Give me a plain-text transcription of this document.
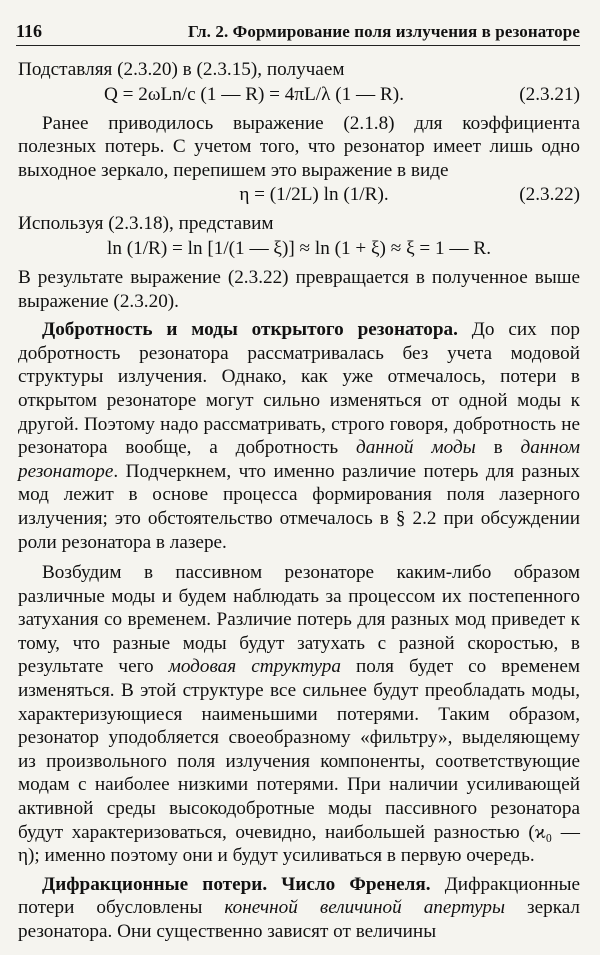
116	Гл. 2. Формирование поля излучения в резонаторе

Подставляя (2.3.20) в (2.3.15), получаем

Q = 2ωLn/c (1 — R) = 4πL/λ (1 — R).	(2.3.21)

Ранее приводилось выражение (2.1.8) для коэффициента полезных потерь. С учетом того, что резонатор имеет лишь одно выходное зеркало, перепишем это выражение в виде

η = (1/2L) ln (1/R).	(2.3.22)

Используя (2.3.18), представим

ln (1/R) = ln [1/(1 — ξ)] ≈ ln (1 + ξ) ≈ ξ = 1 — R.

В результате выражение (2.3.22) превращается в полученное выше выражение (2.3.20).

Добротность и моды открытого резонатора. До сих пор добротность резонатора рассматривалась без учета модовой структуры излучения. Однако, как уже отмечалось, потери в открытом резонаторе могут сильно изменяться от одной моды к другой. Поэтому надо рассматривать, строго говоря, добротность не резонатора вообще, а добротность данной моды в данном резонаторе. Подчеркнем, что именно различие потерь для разных мод лежит в основе процесса формирования поля лазерного излучения; это обстоятельство отмечалось в § 2.2 при обсуждении роли резонатора в лазере.

Возбудим в пассивном резонаторе каким-либо образом различные моды и будем наблюдать за процессом их постепенного затухания со временем. Различие потерь для разных мод приведет к тому, что разные моды будут затухать с разной скоростью, в результате чего модовая структура поля будет со временем изменяться. В этой структуре все сильнее будут преобладать моды, характеризующиеся наименьшими потерями. Таким образом, резонатор уподобляется своеобразному «фильтру», выделяющему из произвольного поля излучения компоненты, соответствующие модам с наиболее низкими потерями. При наличии усиливающей активной среды высокодобротные моды пассивного резонатора будут характеризоваться, очевидно, наибольшей разностью (ϰ₀ — η); именно поэтому они и будут усиливаться в первую очередь.

Дифракционные потери. Число Френеля. Дифракционные потери обусловлены конечной величиной апертуры зеркал резонатора. Они существенно зависят от величины
